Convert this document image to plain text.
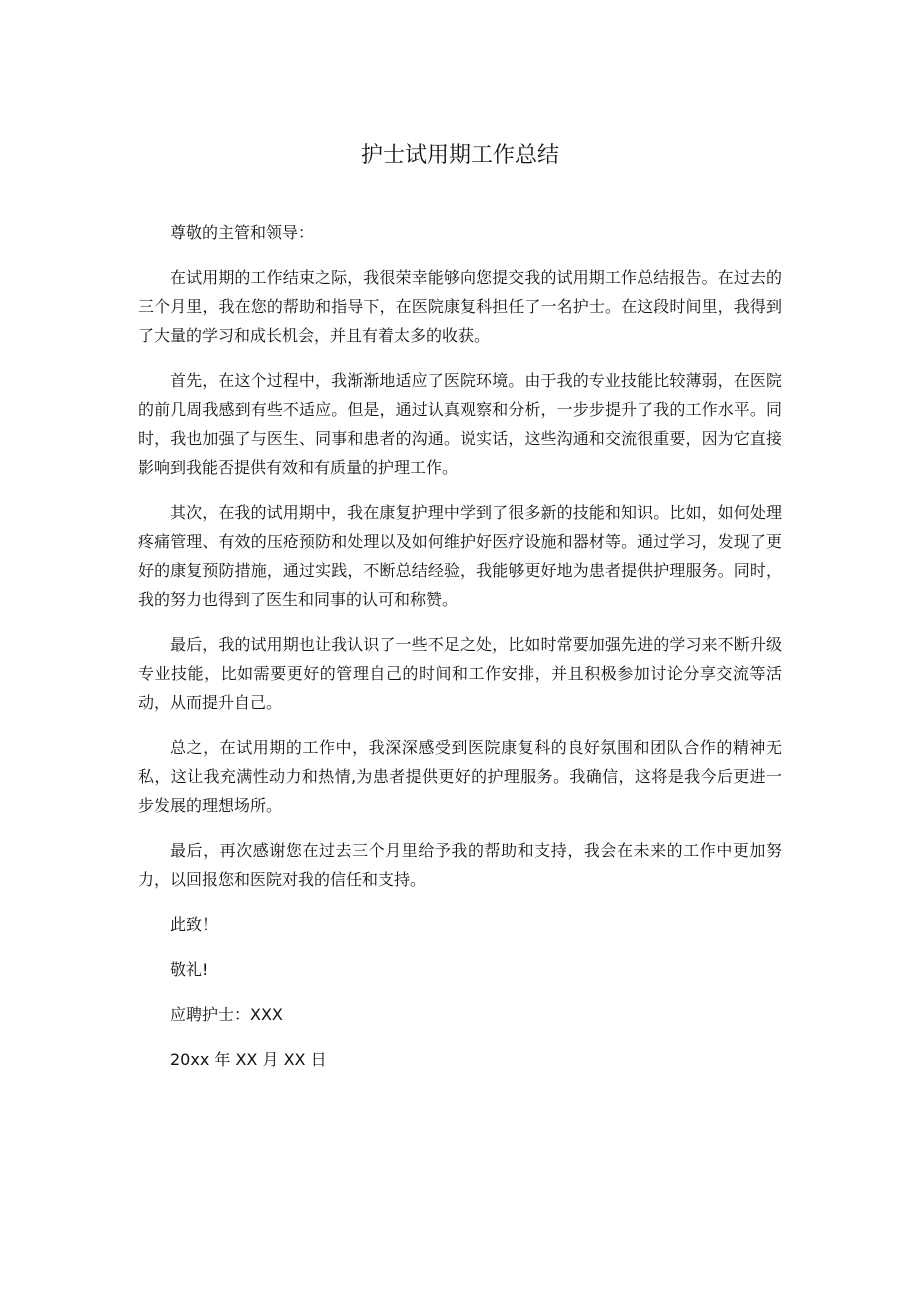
护士试用期工作总结

尊敬的主管和领导：

在试用期的工作结束之际，我很荣幸能够向您提交我的试用期工作总结报告。在过去的三个月里，我在您的帮助和指导下，在医院康复科担任了一名护士。在这段时间里，我得到了大量的学习和成长机会，并且有着太多的收获。

首先，在这个过程中，我渐渐地适应了医院环境。由于我的专业技能比较薄弱，在医院的前几周我感到有些不适应。但是，通过认真观察和分析，一步步提升了我的工作水平。同时，我也加强了与医生、同事和患者的沟通。说实话，这些沟通和交流很重要，因为它直接影响到我能否提供有效和有质量的护理工作。

其次，在我的试用期中，我在康复护理中学到了很多新的技能和知识。比如，如何处理疼痛管理、有效的压疮预防和处理以及如何维护好医疗设施和器材等。通过学习，发现了更好的康复预防措施，通过实践，不断总结经验，我能够更好地为患者提供护理服务。同时，我的努力也得到了医生和同事的认可和称赞。

最后，我的试用期也让我认识了一些不足之处，比如时常要加强先进的学习来不断升级专业技能，比如需要更好的管理自己的时间和工作安排，并且积极参加讨论分享交流等活动，从而提升自己。

总之，在试用期的工作中，我深深感受到医院康复科的良好氛围和团队合作的精神无私，这让我充满性动力和热情,为患者提供更好的护理服务。我确信，这将是我今后更进一步发展的理想场所。

最后，再次感谢您在过去三个月里给予我的帮助和支持，我会在未来的工作中更加努力，以回报您和医院对我的信任和支持。

此致！

敬礼!

应聘护士：XXX

20xx 年 XX 月 XX 日
